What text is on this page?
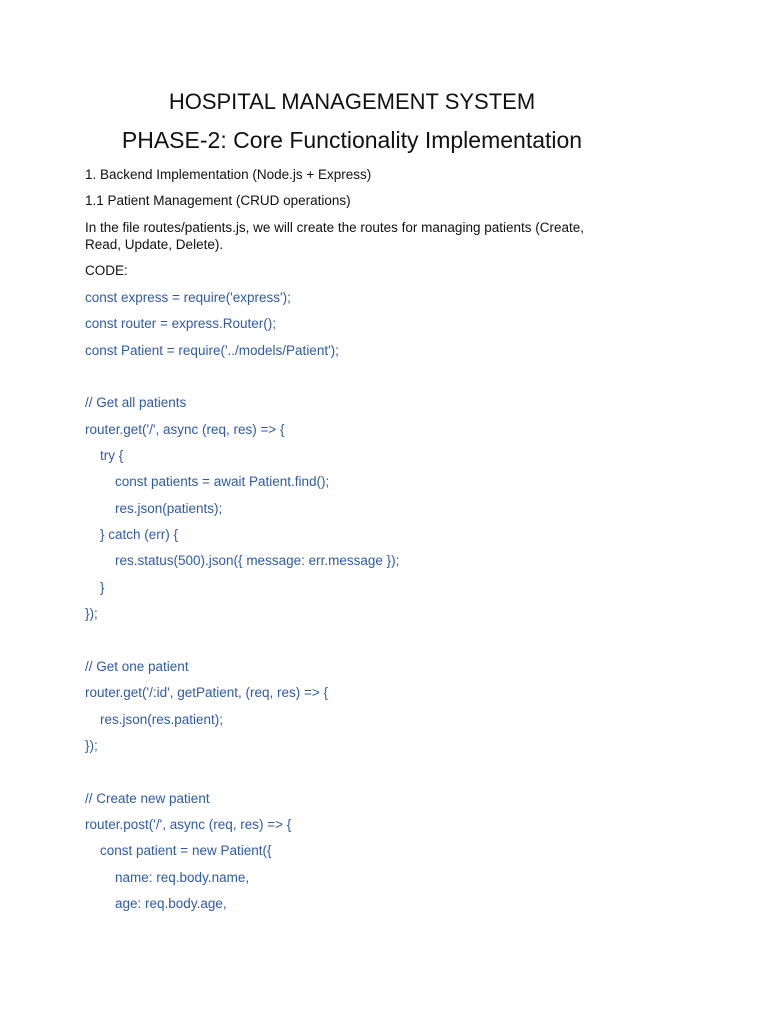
HOSPITAL MANAGEMENT SYSTEM
PHASE-2: Core Functionality Implementation
1. Backend Implementation (Node.js + Express)
1.1 Patient Management (CRUD operations)
In the file routes/patients.js, we will create the routes for managing patients (Create, Read, Update, Delete).
CODE:
const express = require('express');
const router = express.Router();
const Patient = require('../models/Patient');
// Get all patients
router.get('/', async (req, res) => {
try {
const patients = await Patient.find();
res.json(patients);
} catch (err) {
res.status(500).json({ message: err.message });
}
});
// Get one patient
router.get('/:id', getPatient, (req, res) => {
res.json(res.patient);
});
// Create new patient
router.post('/', async (req, res) => {
const patient = new Patient({
name: req.body.name,
age: req.body.age,
